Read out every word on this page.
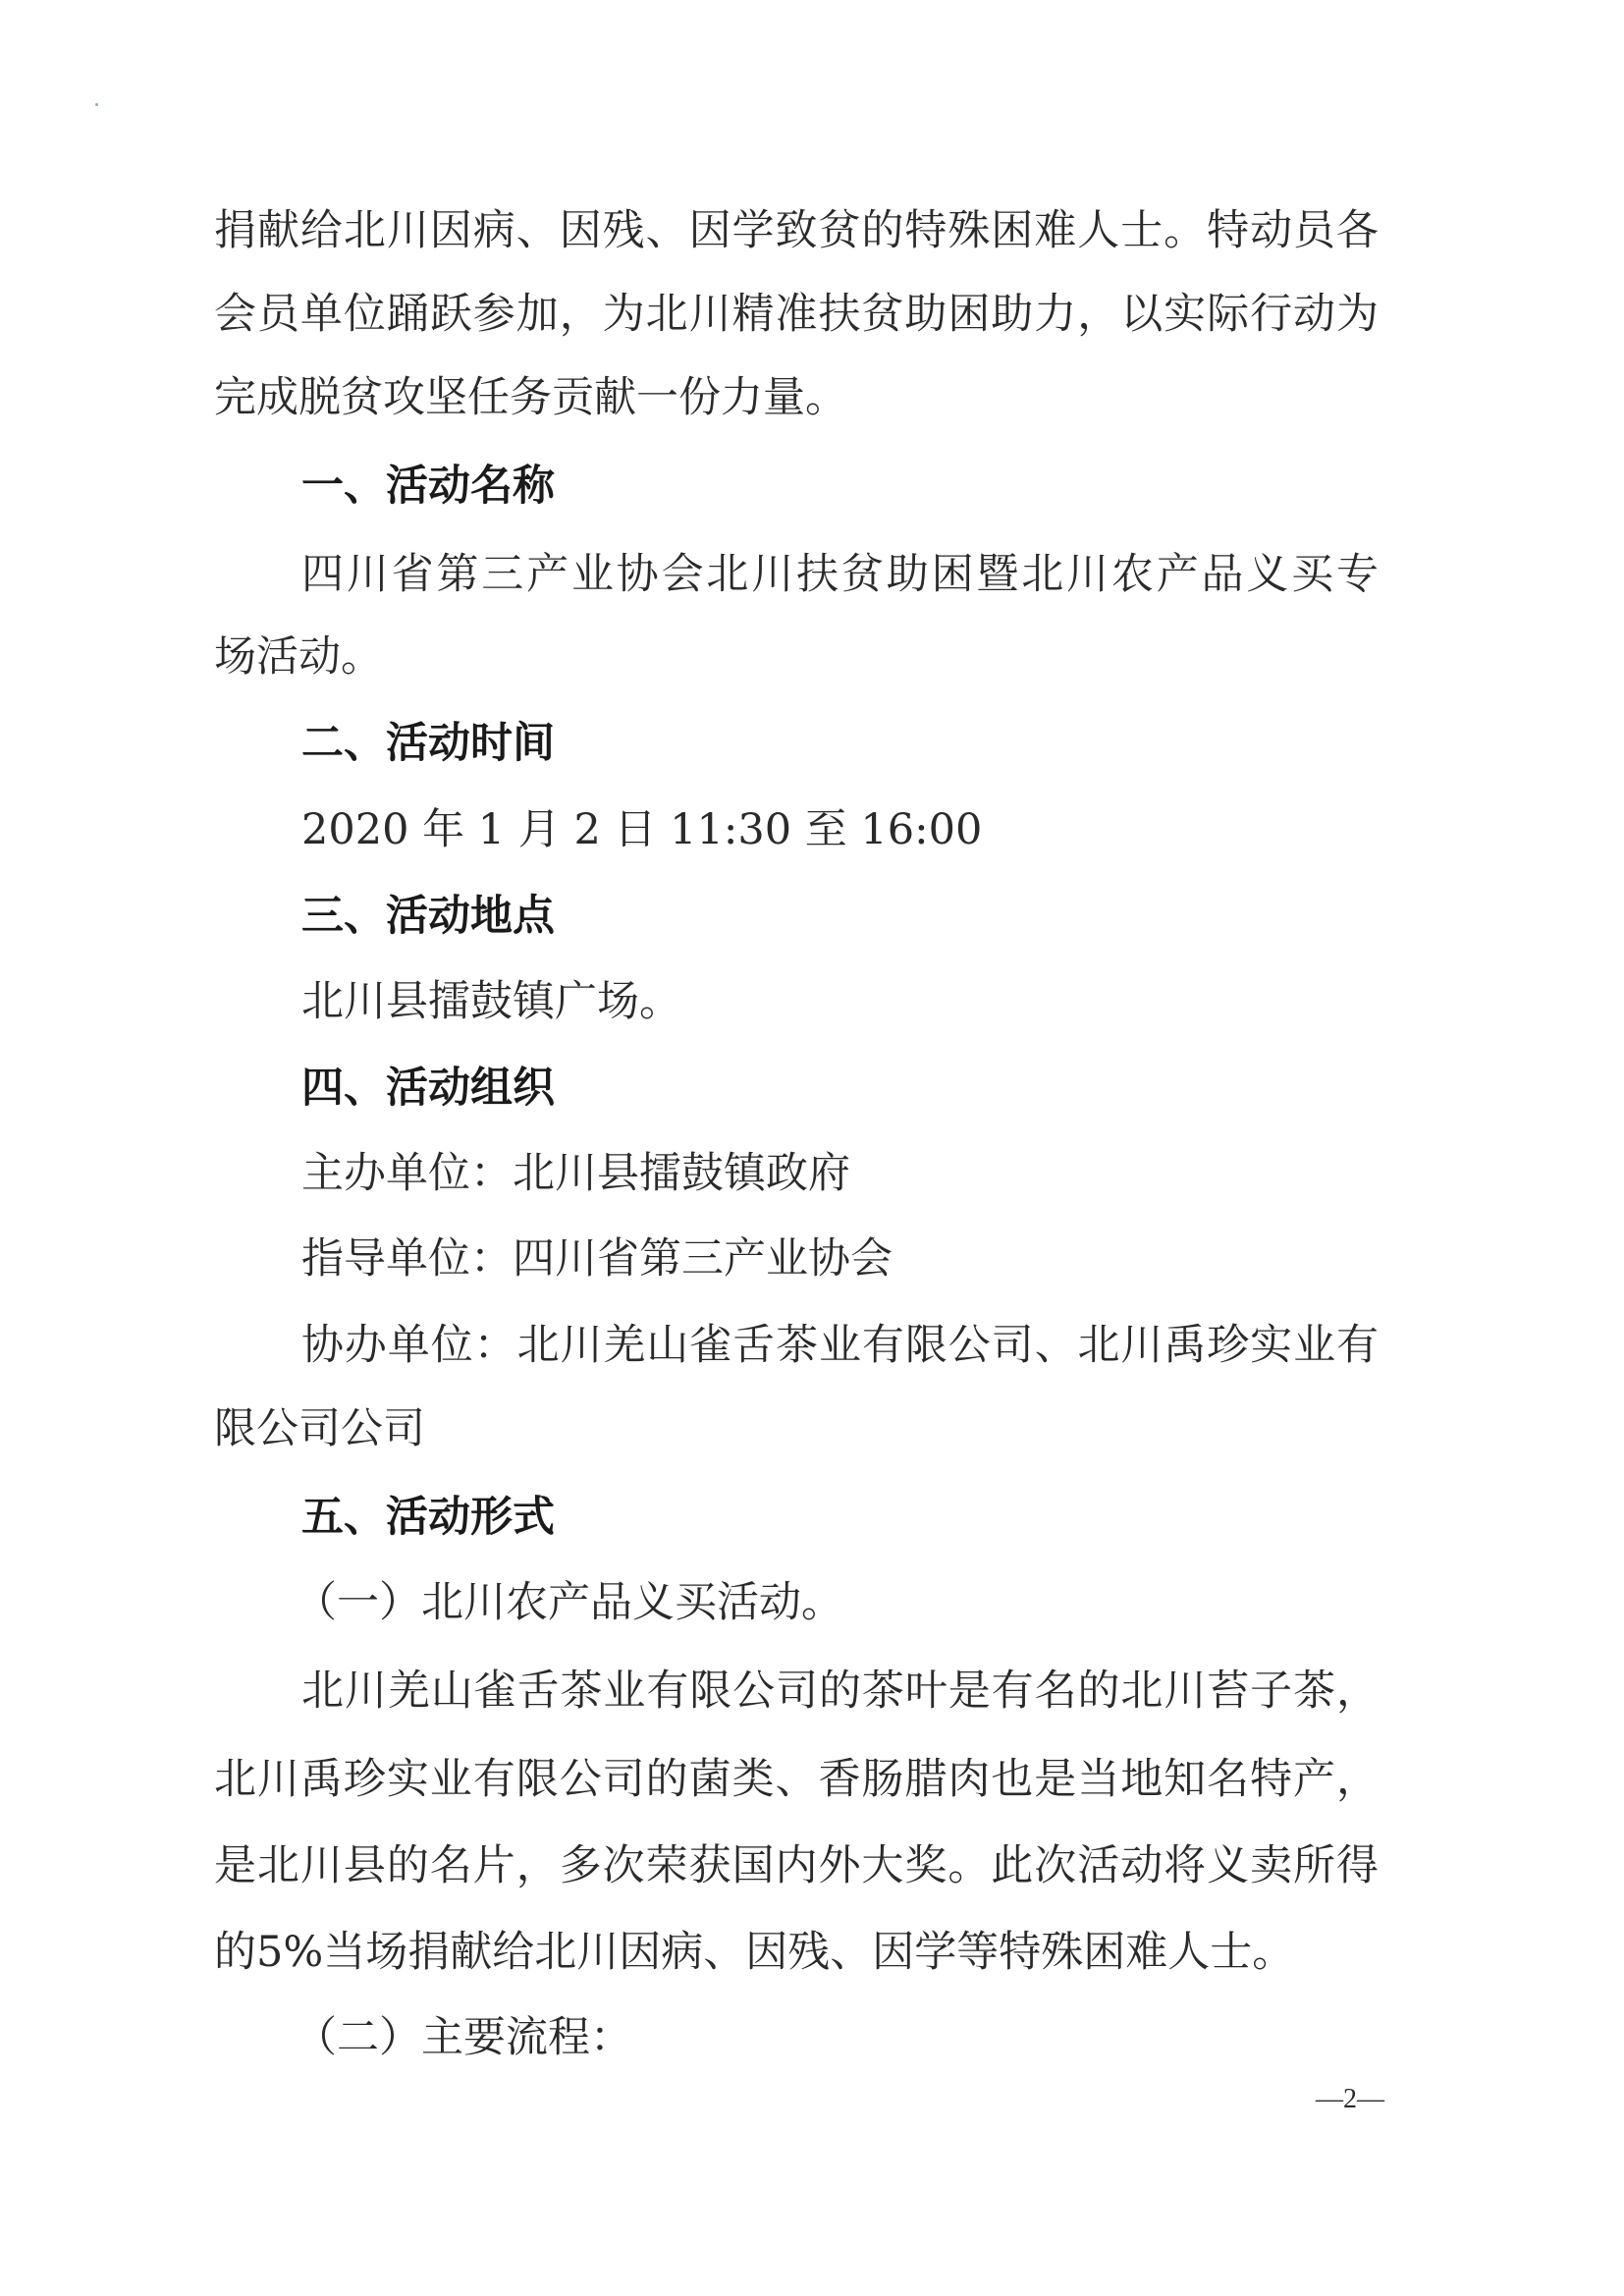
捐献给北川因病、因残、因学致贫的特殊困难人士。特动员各
会员单位踊跃参加，为北川精准扶贫助困助力，以实际行动为
完成脱贫攻坚任务贡献一份力量。
一、活动名称
四川省第三产业协会北川扶贫助困暨北川农产品义买专
场活动。
二、活动时间
2020 年 1 月 2 日 11:30 至 16:00
三、活动地点
北川县擂鼓镇广场。
四、活动组织
主办单位：北川县擂鼓镇政府
指导单位：四川省第三产业协会
协办单位：北川羌山雀舌茶业有限公司、北川禹珍实业有
限公司公司
五、活动形式
（一）北川农产品义买活动。
北川羌山雀舌茶业有限公司的茶叶是有名的北川苔子茶，
北川禹珍实业有限公司的菌类、香肠腊肉也是当地知名特产，
是北川县的名片，多次荣获国内外大奖。此次活动将义卖所得
的5%当场捐献给北川因病、因残、因学等特殊困难人士。
（二）主要流程：
—2—
